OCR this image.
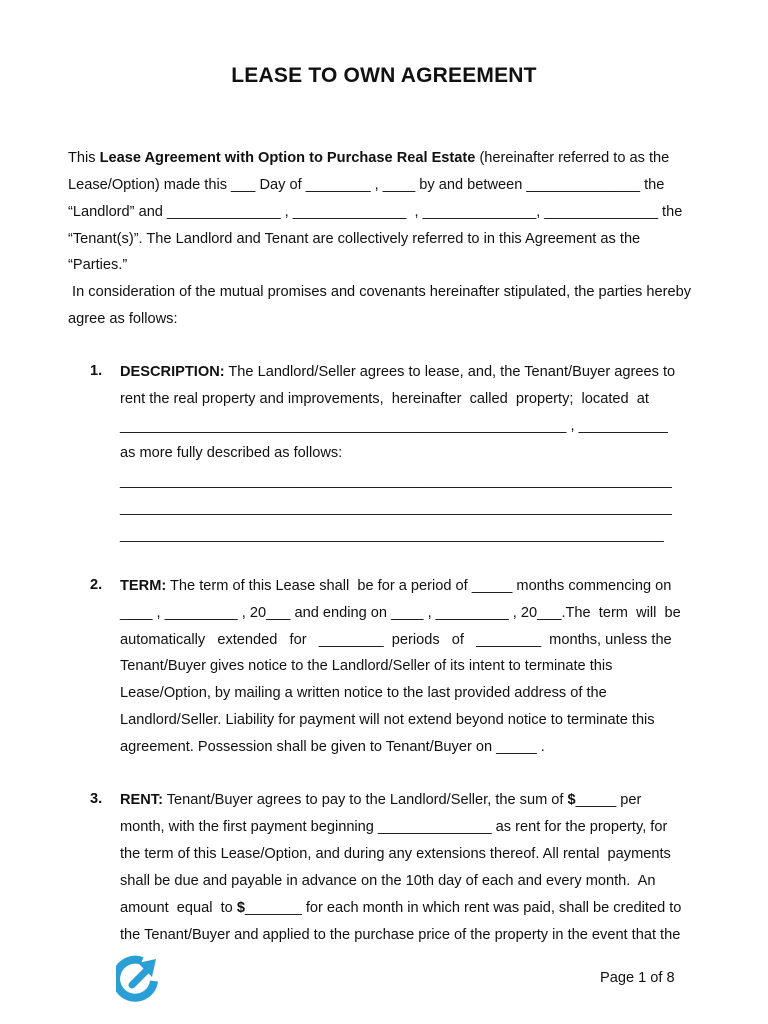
LEASE TO OWN AGREEMENT
This Lease Agreement with Option to Purchase Real Estate (hereinafter referred to as the
Lease/Option) made this ___ Day of ________ , ____ by and between ______________ the
“Landlord” and ______________ , ______________  , ______________, ______________ the
“Tenant(s)”. The Landlord and Tenant are collectively referred to in this Agreement as the
“Parties.”
In consideration of the mutual promises and covenants hereinafter stipulated, the parties hereby
agree as follows:
1. DESCRIPTION: The Landlord/Seller agrees to lease, and, the Tenant/Buyer agrees to
rent the real property and improvements,  hereinafter  called  property;  located  at
_______________________________________________________ , ___________
as more fully described as follows:
____________________________________________________________________
____________________________________________________________________
___________________________________________________________________
2. TERM: The term of this Lease shall  be for a period of _____ months commencing on
____ , _________ , 20___ and ending on ____ , _________ , 20___.The  term  will  be
automatically   extended   for   ________  periods   of   ________  months, unless the
Tenant/Buyer gives notice to the Landlord/Seller of its intent to terminate this
Lease/Option, by mailing a written notice to the last provided address of the
Landlord/Seller. Liability for payment will not extend beyond notice to terminate this
agreement. Possession shall be given to Tenant/Buyer on _____ .
3. RENT: Tenant/Buyer agrees to pay to the Landlord/Seller, the sum of $_____ per
month, with the first payment beginning ______________ as rent for the property, for
the term of this Lease/Option, and during any extensions thereof. All rental  payments
shall be due and payable in advance on the 10th day of each and every month.  An
amount  equal  to $_______ for each month in which rent was paid, shall be credited to
the Tenant/Buyer and applied to the purchase price of the property in the event that the
Page 1 of 8
